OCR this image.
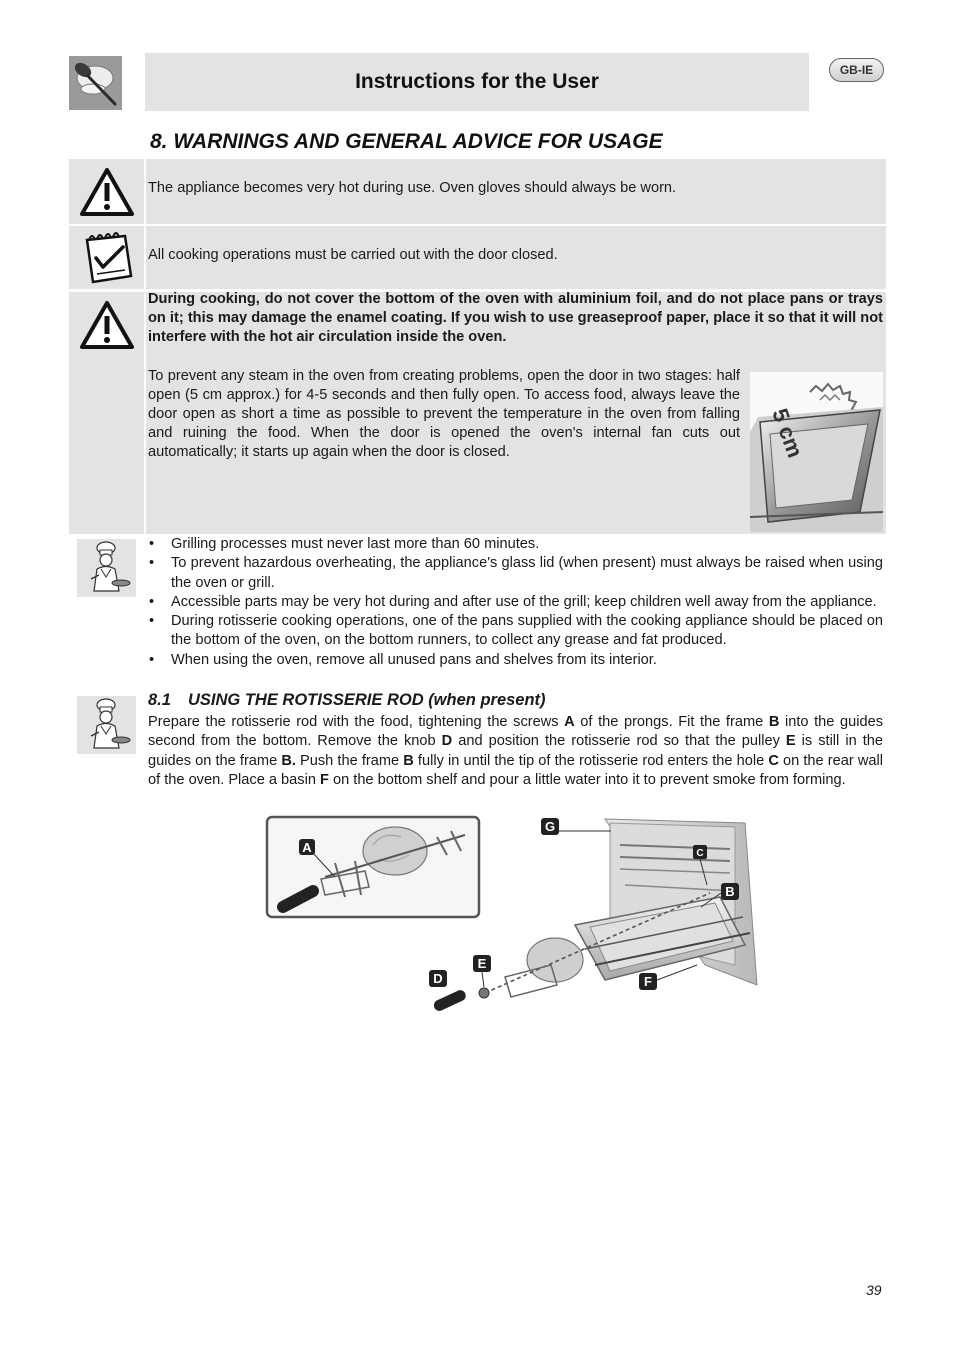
Instructions for the User	GB-IE
8. WARNINGS AND GENERAL ADVICE FOR USAGE
The appliance becomes very hot during use. Oven gloves should always be worn.
All cooking operations must be carried out with the door closed.
During cooking, do not cover the bottom of the oven with aluminium foil, and do not place pans or trays on it; this may damage the enamel coating. If you wish to use greaseproof paper, place it so that it will not interfere with the hot air circulation inside the oven.
To prevent any steam in the oven from creating problems, open the door in two stages: half open (5 cm approx.) for 4-5 seconds and then fully open. To access food, always leave the door open as short a time as possible to prevent the temperature in the oven from falling and ruining the food. When the door is opened the oven's internal fan cuts out automatically; it starts up again when the door is closed.	5 cm
• Grilling processes must never last more than 60 minutes.
• To prevent hazardous overheating, the appliance's glass lid (when present) must always be raised when using the oven or grill.
• Accessible parts may be very hot during and after use of the grill; keep children well away from the appliance.
• During rotisserie cooking operations, one of the pans supplied with the cooking appliance should be placed on the bottom of the oven, on the bottom runners, to collect any grease and fat produced.
• When using the oven, remove all unused pans and shelves from its interior.
8.1 USING THE ROTISSERIE ROD (when present)
Prepare the rotisserie rod with the food, tightening the screws A of the prongs. Fit the frame B into the guides second from the bottom. Remove the knob D and position the rotisserie rod so that the pulley E is still in the guides on the frame B. Push the frame B fully in until the tip of the rotisserie rod enters the hole C on the rear wall of the oven. Place a basin F on the bottom shelf and pour a little water into it to prevent smoke from forming.
A
G
C
B
F
E
D
39
